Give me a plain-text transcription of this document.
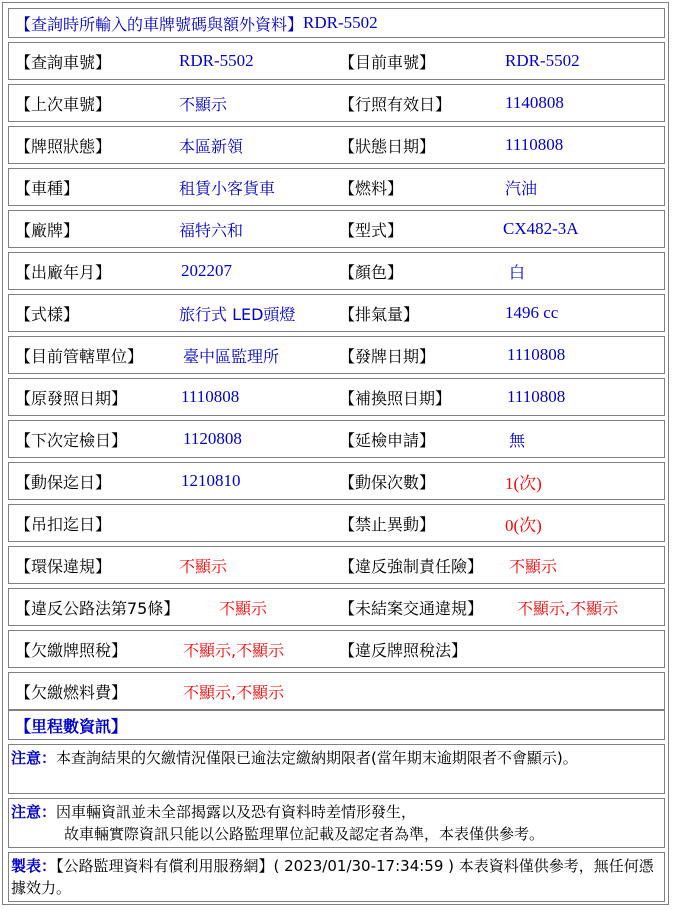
【查詢時所輸入的車牌號碼與額外資料】 RDR-5502
【查詢車號】	RDR-5502	【目前車號】	RDR-5502
【上次車號】	不顯示	【行照有效日】	1140808
【牌照狀態】	本區新領	【狀態日期】	1110808
【車種】	租賃小客貨車	【燃料】	汽油
【廠牌】	福特六和	【型式】	CX482-3A
【出廠年月】	202207	【顏色】	白
【式樣】	旅行式 LED頭燈	【排氣量】	1496 cc
【目前管轄單位】 臺中區監理所	【發牌日期】	1110808
【原發照日期】	1110808	【補換照日期】	1110808
【下次定檢日】	1120808	【延檢申請】	無
【動保迄日】	1210810	【動保次數】	1(次)
【吊扣迄日】	【禁止異動】	0(次)
【環保違規】	不顯示	【違反強制責任險】 不顯示
【違反公路法第75條】 不顯示	【未結案交通違規】 不顯示,不顯示
【欠繳牌照稅】	不顯示,不顯示	【違反牌照稅法】
【欠繳燃料費】	不顯示,不顯示
【里程數資訊】
注意：本查詢結果的欠繳情況僅限已逾法定繳納期限者(當年期末逾期限者不會顯示)。
注意：因車輛資訊並未全部揭露以及恐有資料時差情形發生，
故車輛實際資訊只能以公路監理單位記載及認定者為準，本表僅供參考。
製表：【公路監理資料有償利用服務網】( 2023/01/30-17:34:59 ) 本表資料僅供參考，無任何憑據效力。
